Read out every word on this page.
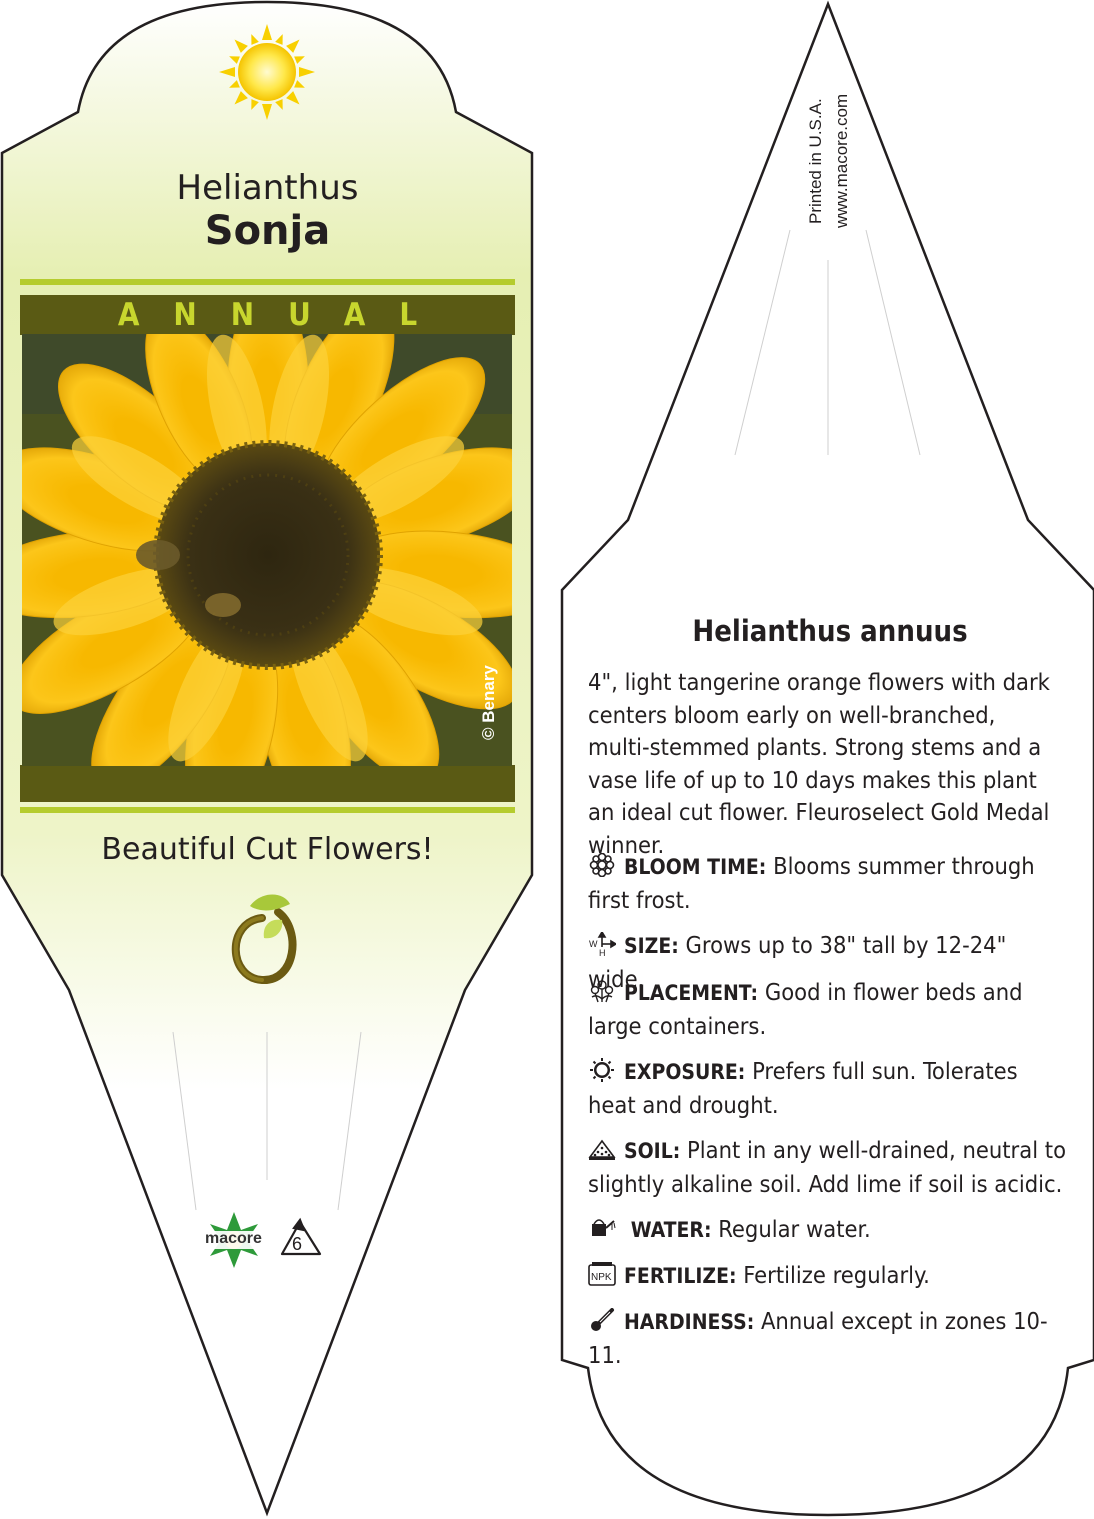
Helianthus
Sonja
ANNUAL
© Benary
Beautiful Cut Flowers!
macore 6
Printed in U.S.A. www.macore.com
Helianthus annuus
4", light tangerine orange flowers with dark centers bloom early on well-branched, multi-stemmed plants. Strong stems and a vase life of up to 10 days makes this plant an ideal cut flower. Fleuroselect Gold Medal winner.
BLOOM TIME: Blooms summer through first frost.
W
H SIZE: Grows up to 38" tall by 12-24" wide.
PLACEMENT: Good in flower beds and large containers.
EXPOSURE: Prefers full sun. Tolerates heat and drought.
SOIL: Plant in any well-drained, neutral to slightly alkaline soil. Add lime if soil is acidic.
WATER: Regular water.
NPK FERTILIZE: Fertilize regularly.
HARDINESS: Annual except in zones 10-11.
